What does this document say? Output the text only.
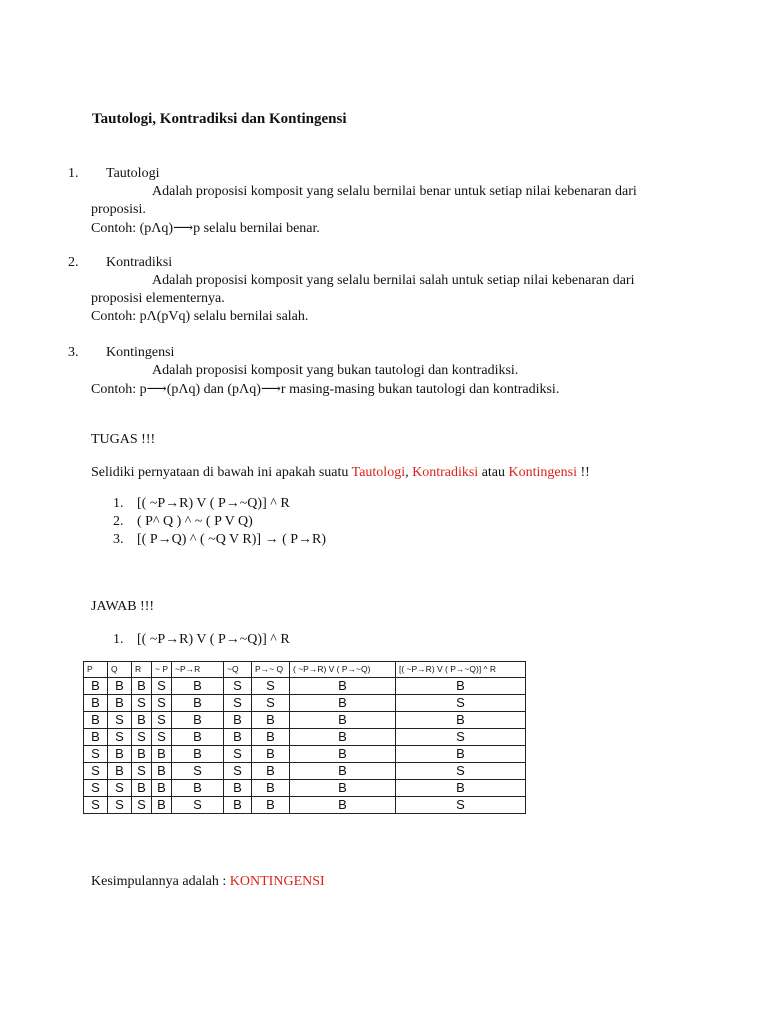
Tautologi, Kontradiksi dan Kontingensi
1. Tautologi
Adalah proposisi komposit yang selalu bernilai benar untuk setiap nilai kebenaran dari
proposisi.
Contoh: (pΛq)⟶p selalu bernilai benar.
2. Kontradiksi
Adalah proposisi komposit yang selalu bernilai salah untuk setiap nilai kebenaran dari
proposisi elementernya.
Contoh: pΛ(pVq) selalu bernilai salah.
3. Kontingensi
Adalah proposisi komposit yang bukan tautologi dan kontradiksi.
Contoh: p⟶(pΛq) dan (pΛq)⟶r masing-masing bukan tautologi dan kontradiksi.
TUGAS !!!
Selidiki pernyataan di bawah ini apakah suatu Tautologi, Kontradiksi atau Kontingensi !!
1. [( ~P→R) V ( P→~Q)] ^ R
2. ( P^ Q ) ^ ~ ( P V Q)
3. [( P→Q) ^ ( ~Q V R)] → ( P→R)
JAWAB !!!
1. [( ~P→R) V ( P→~Q)] ^ R
P	Q	R	~ P	~P→R	~Q	P→~ Q	( ~P→R) V ( P→~Q)	[( ~P→R) V ( P→~Q)] ^ R
B	B	B	S	B	S	S	B	B
B	B	S	S	B	S	S	B	S
B	S	B	S	B	B	B	B	B
B	S	S	S	B	B	B	B	S
S	B	B	B	B	S	B	B	B
S	B	S	B	S	S	B	B	S
S	S	B	B	B	B	B	B	B
S	S	S	B	S	B	B	B	S
Kesimpulannya adalah : KONTINGENSI
